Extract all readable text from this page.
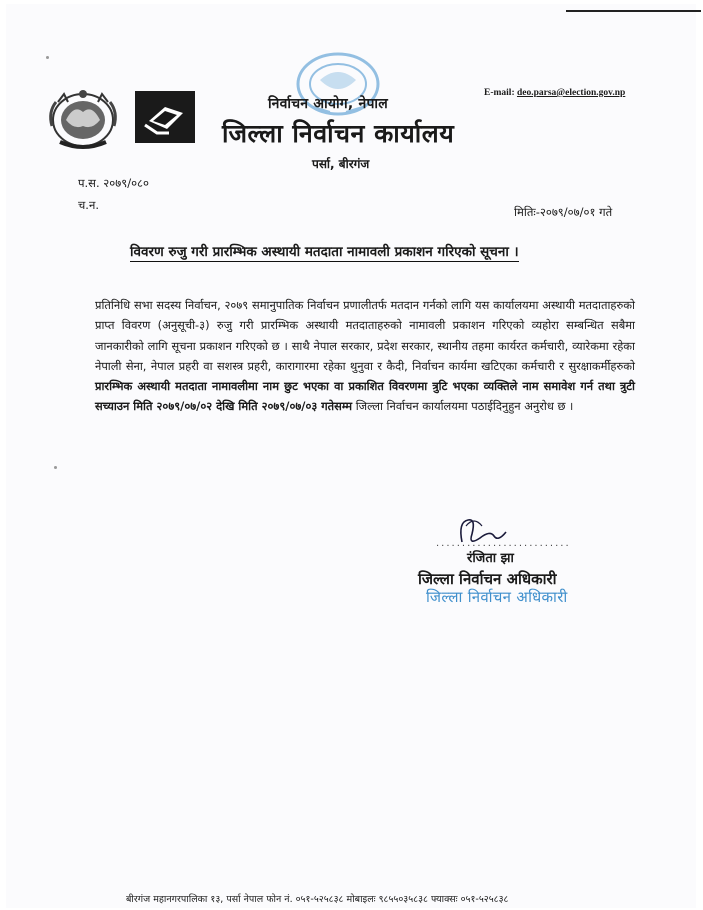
निर्वाचन आयोग, नेपाल
जिल्ला निर्वाचन कार्यालय
पर्सा, बीरगंज
E-mail: deo.parsa@election.gov.np
प.स. २०७९/०८०
च.न.	मितिः-२०७९/०७/०१ गते
विवरण रुजु गरी प्रारम्भिक अस्थायी मतदाता नामावली प्रकाशन गरिएको सूचना ।
प्रतिनिधि सभा सदस्य निर्वाचन, २०७९ समानुपातिक निर्वाचन प्रणालीतर्फ मतदान गर्नको लागि यस कार्यालयमा अस्थायी मतदाताहरुको प्राप्त विवरण (अनुसूची-३) रुजु गरी प्रारम्भिक अस्थायी मतदाताहरुको नामावली प्रकाशन गरिएको व्यहोरा सम्बन्धित सबैमा जानकारीको लागि सूचना प्रकाशन गरिएको छ । साथै नेपाल सरकार, प्रदेश सरकार, स्थानीय तहमा कार्यरत कर्मचारी, व्यारेकमा रहेका नेपाली सेना, नेपाल प्रहरी वा सशस्त्र प्रहरी, कारागारमा रहेका थुनुवा र कैदी, निर्वाचन कार्यमा खटिएका कर्मचारी र सुरक्षाकर्मीहरुको प्रारम्भिक अस्थायी मतदाता नामावलीमा नाम छुट भएका वा प्रकाशित विवरणमा त्रुटि भएका व्यक्तिले नाम समावेश गर्न तथा त्रुटी सच्याउन मिति २०७९/०७/०२ देखि मिति २०७९/०७/०३ गतेसम्म जिल्ला निर्वाचन कार्यालयमा पठाईदिनुहुन अनुरोध छ ।
..........................
रंजिता झा
जिल्ला निर्वाचन अधिकारी
जिल्ला निर्वाचन अधिकारी
बीरगंज महानगरपालिका १३, पर्सा नेपाल फोन नं. ०५१-५२५८३८ मोबाइलः ९८५५०३५८३८ फ्याक्सः ०५१-५२५८३८
